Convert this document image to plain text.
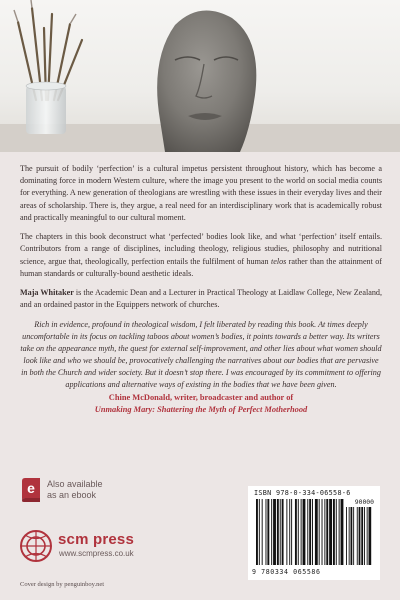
The pursuit of bodily ‘perfection’ is a cultural impetus persistent throughout history, which has become a dominating force in modern Western culture, where the image you present to the world on social media counts for everything. A new generation of theologians are wrestling with these issues in their everyday lives and their areas of scholarship. There is, they argue, a real need for an interdisciplinary work that is academically robust and practically meaningful to our cultural moment.

The chapters in this book deconstruct what ‘perfected’ bodies look like, and what ‘perfection’ itself entails. Contributors from a range of disciplines, including theology, religious studies, philosophy and nutritional science, argue that, theologically, perfection entails the fulfilment of human telos rather than the attainment of human standards or culturally-bound aesthetic ideals.

Maja Whitaker is the Academic Dean and a Lecturer in Practical Theology at Laidlaw College, New Zealand, and an ordained pastor in the Equippers network of churches.

Rich in evidence, profound in theological wisdom, I felt liberated by reading this book. At times deeply uncomfortable in its focus on tackling taboos about women’s bodies, it points towards a better way. Its writers take on the appearance myth, the quest for external self-improvement, and other lies about what women should look like and who we should be, provocatively challenging the narratives about our bodies that are pervasive in both the Church and wider society. But it doesn’t stop there. I was encouraged by its commitment to offering applications and alternative ways of existing in the bodies that we have been given.
Chine McDonald, writer, broadcaster and author of
Unmaking Mary: Shattering the Myth of Perfect Motherhood
e Also available
as an ebook
scm press
www.scmpress.co.uk
Cover design by penguinboy.net
ISBN 978-0-334-06558-6
9 780334 065586
90000
